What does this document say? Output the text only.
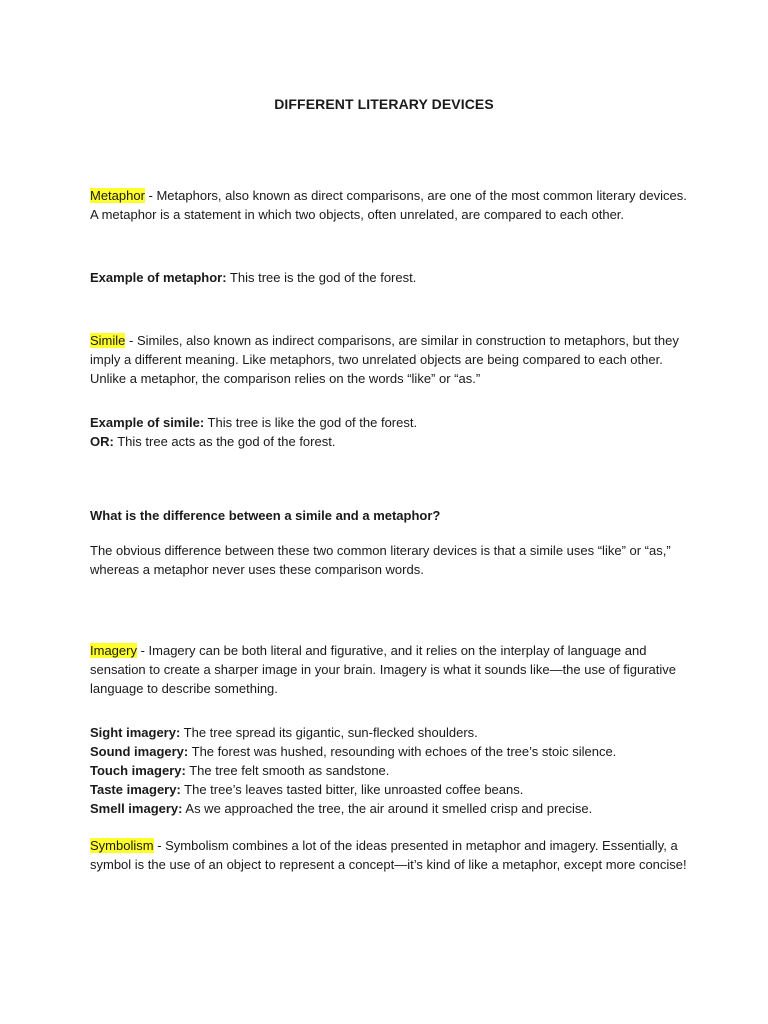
DIFFERENT LITERARY DEVICES

Metaphor - Metaphors, also known as direct comparisons, are one of the most common literary devices. A metaphor is a statement in which two objects, often unrelated, are compared to each other.

Example of metaphor: This tree is the god of the forest.

Simile - Similes, also known as indirect comparisons, are similar in construction to metaphors, but they imply a different meaning. Like metaphors, two unrelated objects are being compared to each other. Unlike a metaphor, the comparison relies on the words “like” or “as.”

Example of simile: This tree is like the god of the forest.

OR: This tree acts as the god of the forest.

What is the difference between a simile and a metaphor?

The obvious difference between these two common literary devices is that a simile uses “like” or “as,” whereas a metaphor never uses these comparison words.

Imagery - Imagery can be both literal and figurative, and it relies on the interplay of language and sensation to create a sharper image in your brain. Imagery is what it sounds like—the use of figurative language to describe something.

Sight imagery: The tree spread its gigantic, sun-flecked shoulders.

Sound imagery: The forest was hushed, resounding with echoes of the tree’s stoic silence.

Touch imagery: The tree felt smooth as sandstone.

Taste imagery: The tree’s leaves tasted bitter, like unroasted coffee beans.

Smell imagery: As we approached the tree, the air around it smelled crisp and precise.

Symbolism - Symbolism combines a lot of the ideas presented in metaphor and imagery. Essentially, a symbol is the use of an object to represent a concept—it’s kind of like a metaphor, except more concise!
